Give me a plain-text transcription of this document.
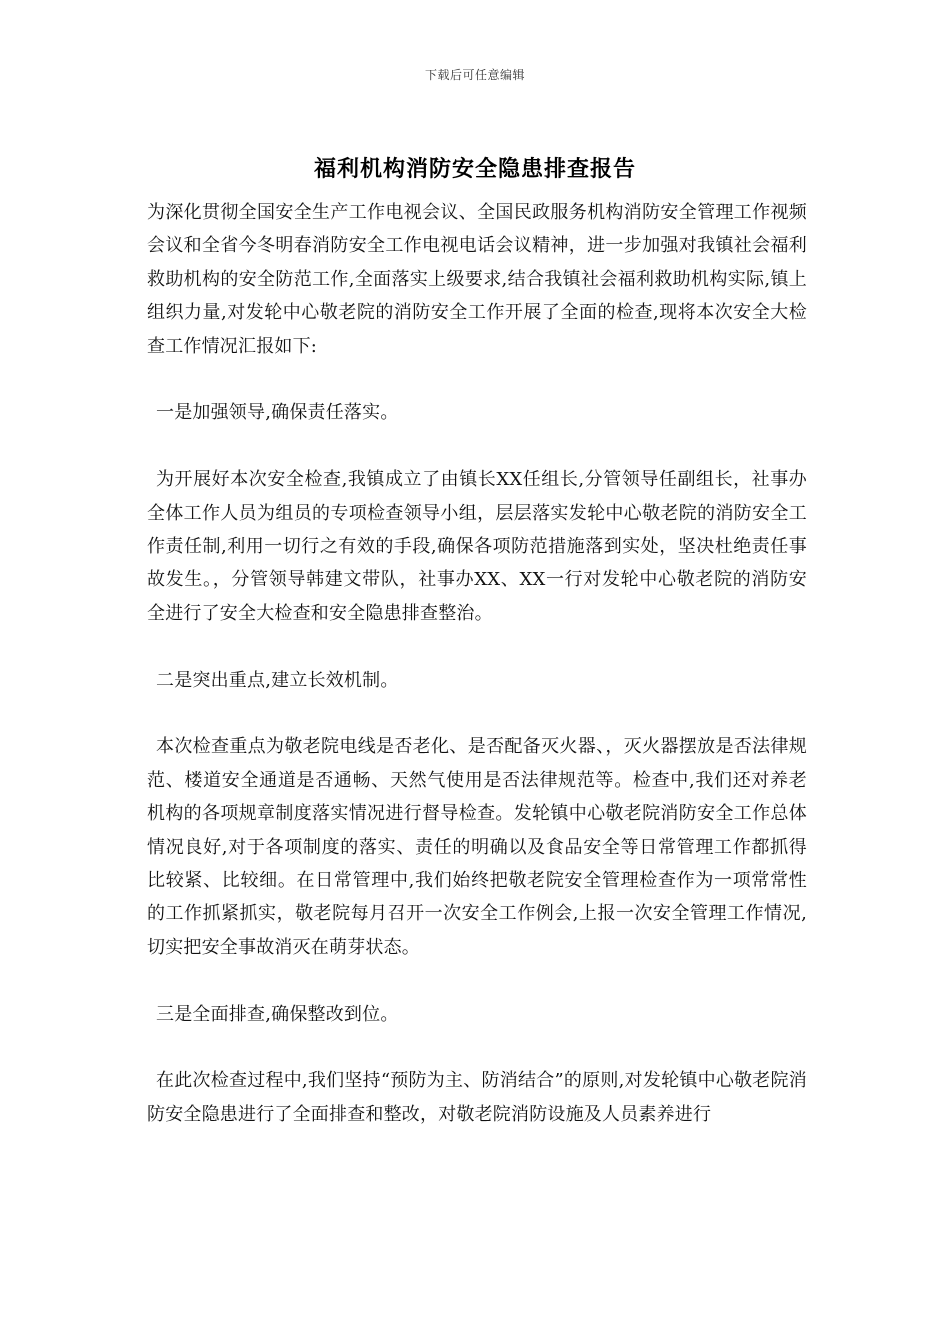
下载后可任意编辑
福利机构消防安全隐患排查报告

为深化贯彻全国安全生产工作电视会议、全国民政服务机构消防安全管理工作视频会议和全省今冬明春消防安全工作电视电话会议精神，进一步加强对我镇社会福利救助机构的安全防范工作,全面落实上级要求,结合我镇社会福利救助机构实际,镇上组织力量,对发轮中心敬老院的消防安全工作开展了全面的检查,现将本次安全大检查工作情况汇报如下:

一是加强领导,确保责任落实。

为开展好本次安全检查,我镇成立了由镇长XX任组长,分管领导任副组长，社事办全体工作人员为组员的专项检查领导小组，层层落实发轮中心敬老院的消防安全工作责任制,利用一切行之有效的手段,确保各项防范措施落到实处，坚决杜绝责任事故发生。，分管领导韩建文带队，社事办XX、XX一行对发轮中心敬老院的消防安全进行了安全大检查和安全隐患排查整治。

二是突出重点,建立长效机制。

本次检查重点为敬老院电线是否老化、是否配备灭火器、，灭火器摆放是否法律规范、楼道安全通道是否通畅、天然气使用是否法律规范等。检查中,我们还对养老机构的各项规章制度落实情况进行督导检查。发轮镇中心敬老院消防安全工作总体情况良好,对于各项制度的落实、责任的明确以及食品安全等日常管理工作都抓得比较紧、比较细。在日常管理中,我们始终把敬老院安全管理检查作为一项常常性的工作抓紧抓实，敬老院每月召开一次安全工作例会,上报一次安全管理工作情况,切实把安全事故消灭在萌芽状态。

三是全面排查,确保整改到位。

在此次检查过程中,我们坚持“预防为主、防消结合”的原则,对发轮镇中心敬老院消防安全隐患进行了全面排查和整改，对敬老院消防设施及人员素养进行
